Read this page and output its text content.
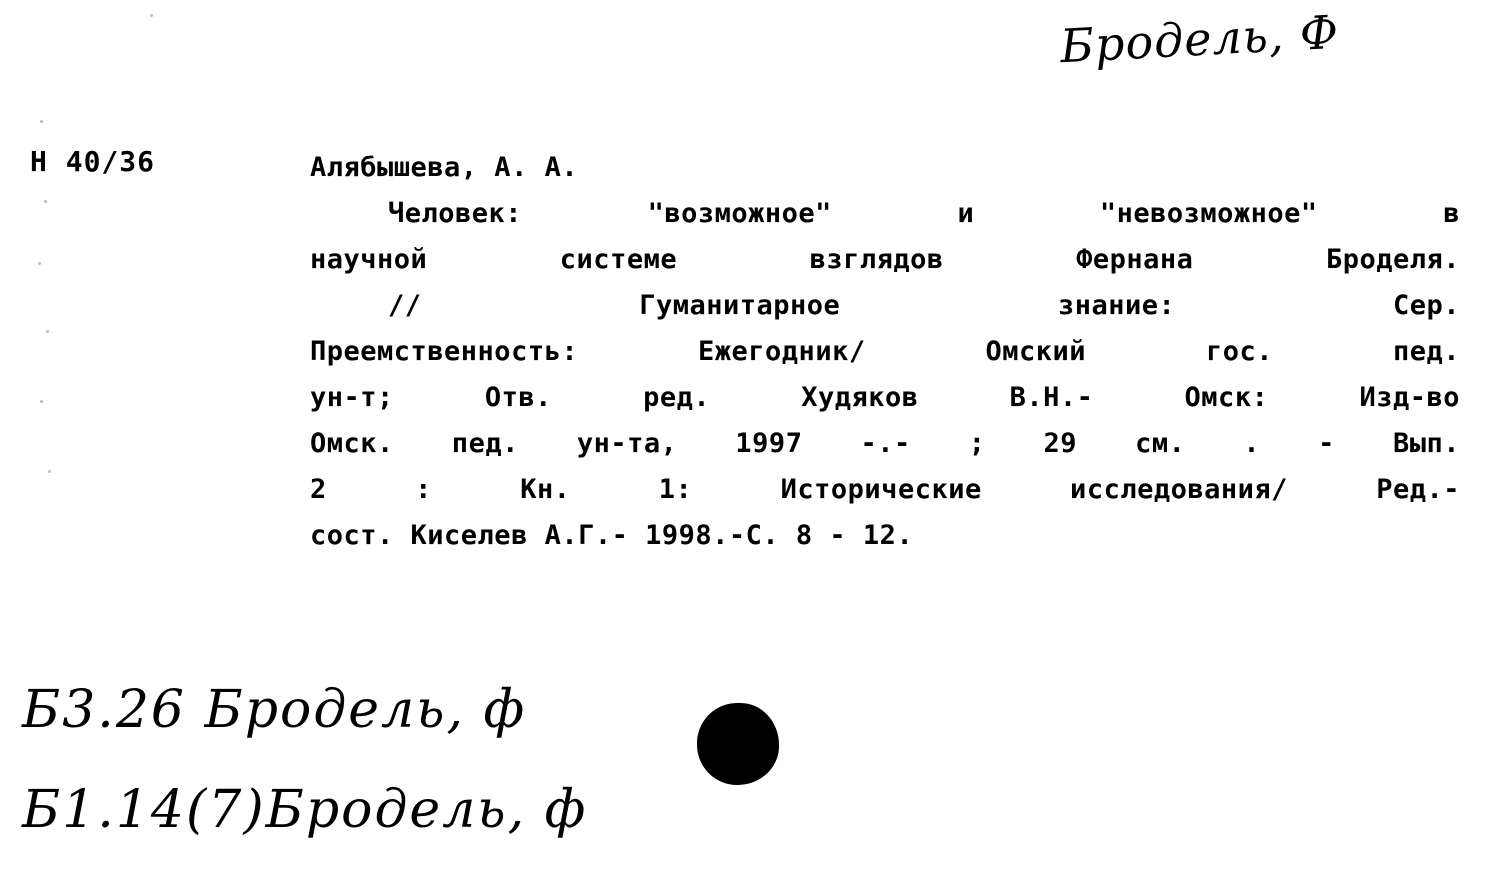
Бродель, Ф
Н 40/36	Алябышева, А. А.
Человек: "возможное" и "невозможное" в
научной системе взглядов Фернана Броделя.
// Гуманитарное знание: Сер.
Преемственность: Ежегодник/ Омский гос. пед.
ун-т; Отв. ред. Худяков В.Н.- Омск: Изд-во
Омск. пед. ун-та, 1997 -.- ; 29 см. . - Вып.
2 : Кн. 1: Исторические исследования/ Ред.-
сост. Киселев А.Г.- 1998.-С. 8 - 12.
Б3.26 Бродель, ф
Б1.14(7)Бродель, ф
